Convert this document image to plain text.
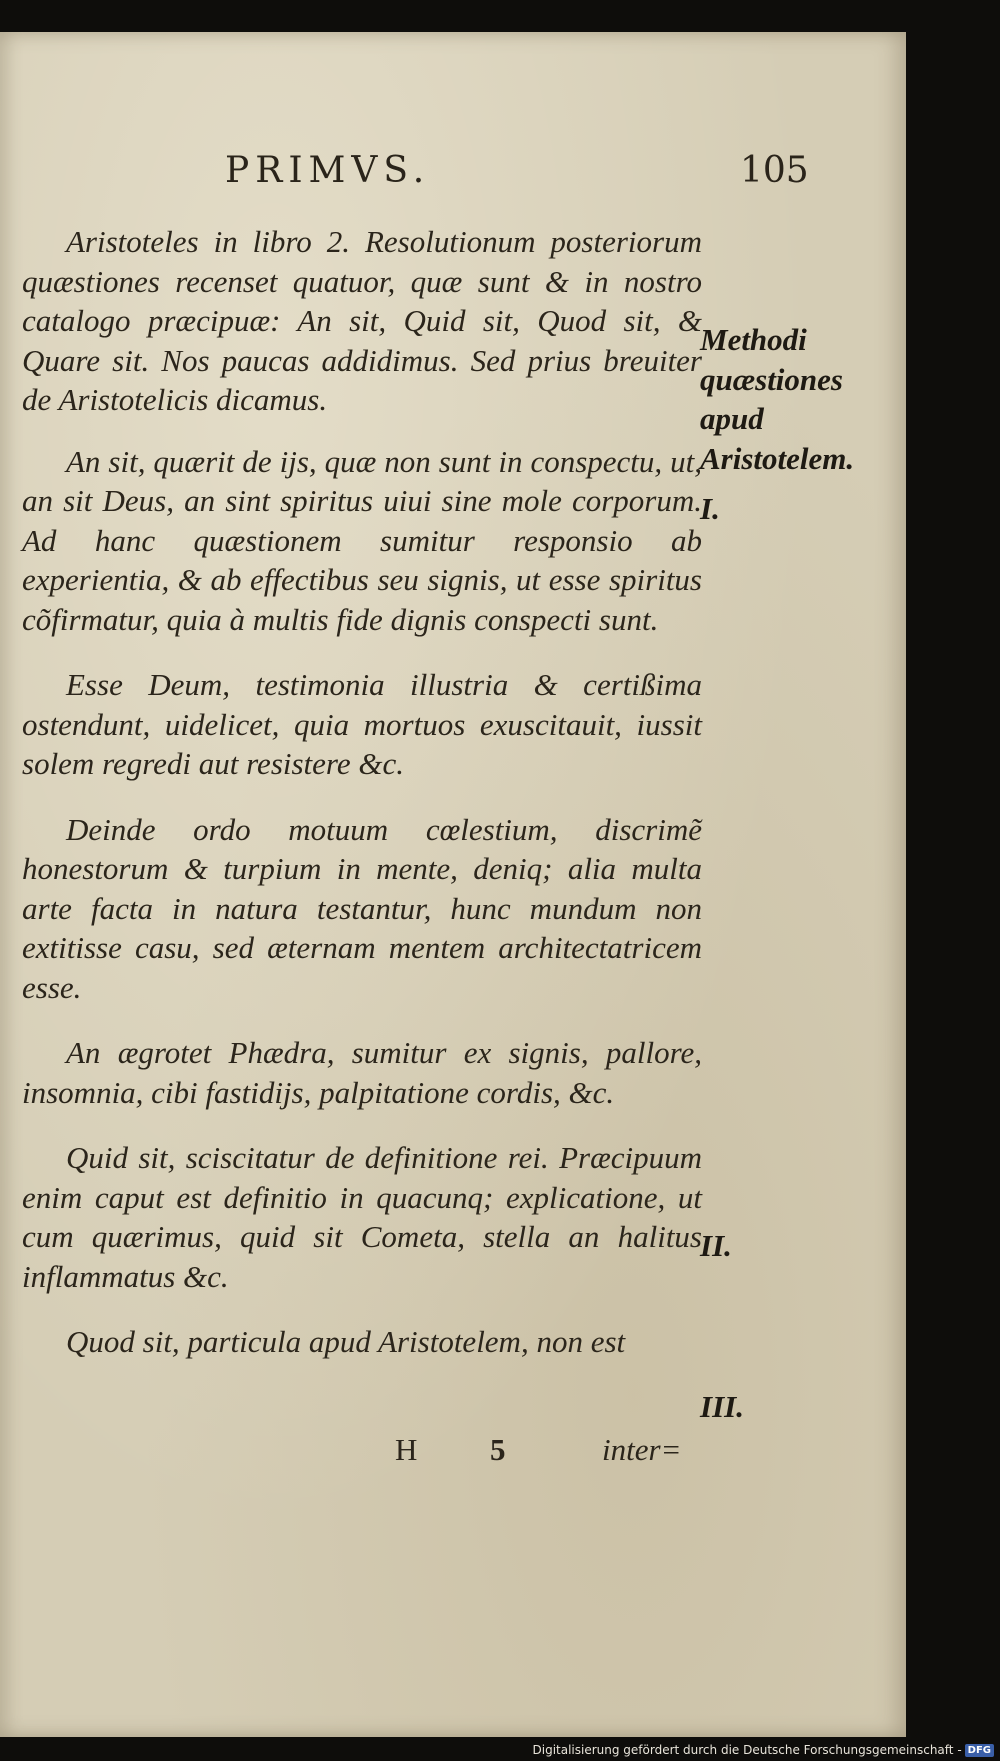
PRIMVS.	105

Aristoteles in libro 2. Resolutionum posteriorum quæstiones recenset quatuor, quæ sunt & in nostro catalogo præcipuæ: An sit, Quid sit, Quod sit, & Quare sit. Nos paucas addidimus. Sed prius breuiter de Aristotelicis dicamus.

An sit, quærit de ijs, quæ non sunt in conspectu, ut, an sit Deus, an sint spiritus uiui sine mole corporum. Ad hanc quæstionem sumitur responsio ab experientia, & ab effectibus seu signis, ut esse spiritus cõfirmatur, quia à multis fide dignis conspecti sunt.

Esse Deum, testimonia illustria & certißima ostendunt, uidelicet, quia mortuos exuscitauit, iussit solem regredi aut resistere &c.

Deinde ordo motuum cœlestium, discrimẽ honestorum & turpium in mente, deniq; alia multa arte facta in natura testantur, hunc mundum non extitisse casu, sed æternam mentem architectatricem esse.

An ægrotet Phædra, sumitur ex signis, pallore, insomnia, cibi fastidijs, palpitatione cordis, &c.

Quid sit, sciscitatur de definitione rei. Præcipuum enim caput est definitio in quacunq; explicatione, ut cum quærimus, quid sit Cometa, stella an halitus inflammatus &c.

Quod sit, particula apud Aristotelem, non est

Methodi quæstiones apud Aristotelem.
I.
II.
III.
H 5	inter=
Digitalisierung gefördert durch die Deutsche Forschungsgemeinschaft - DFG
